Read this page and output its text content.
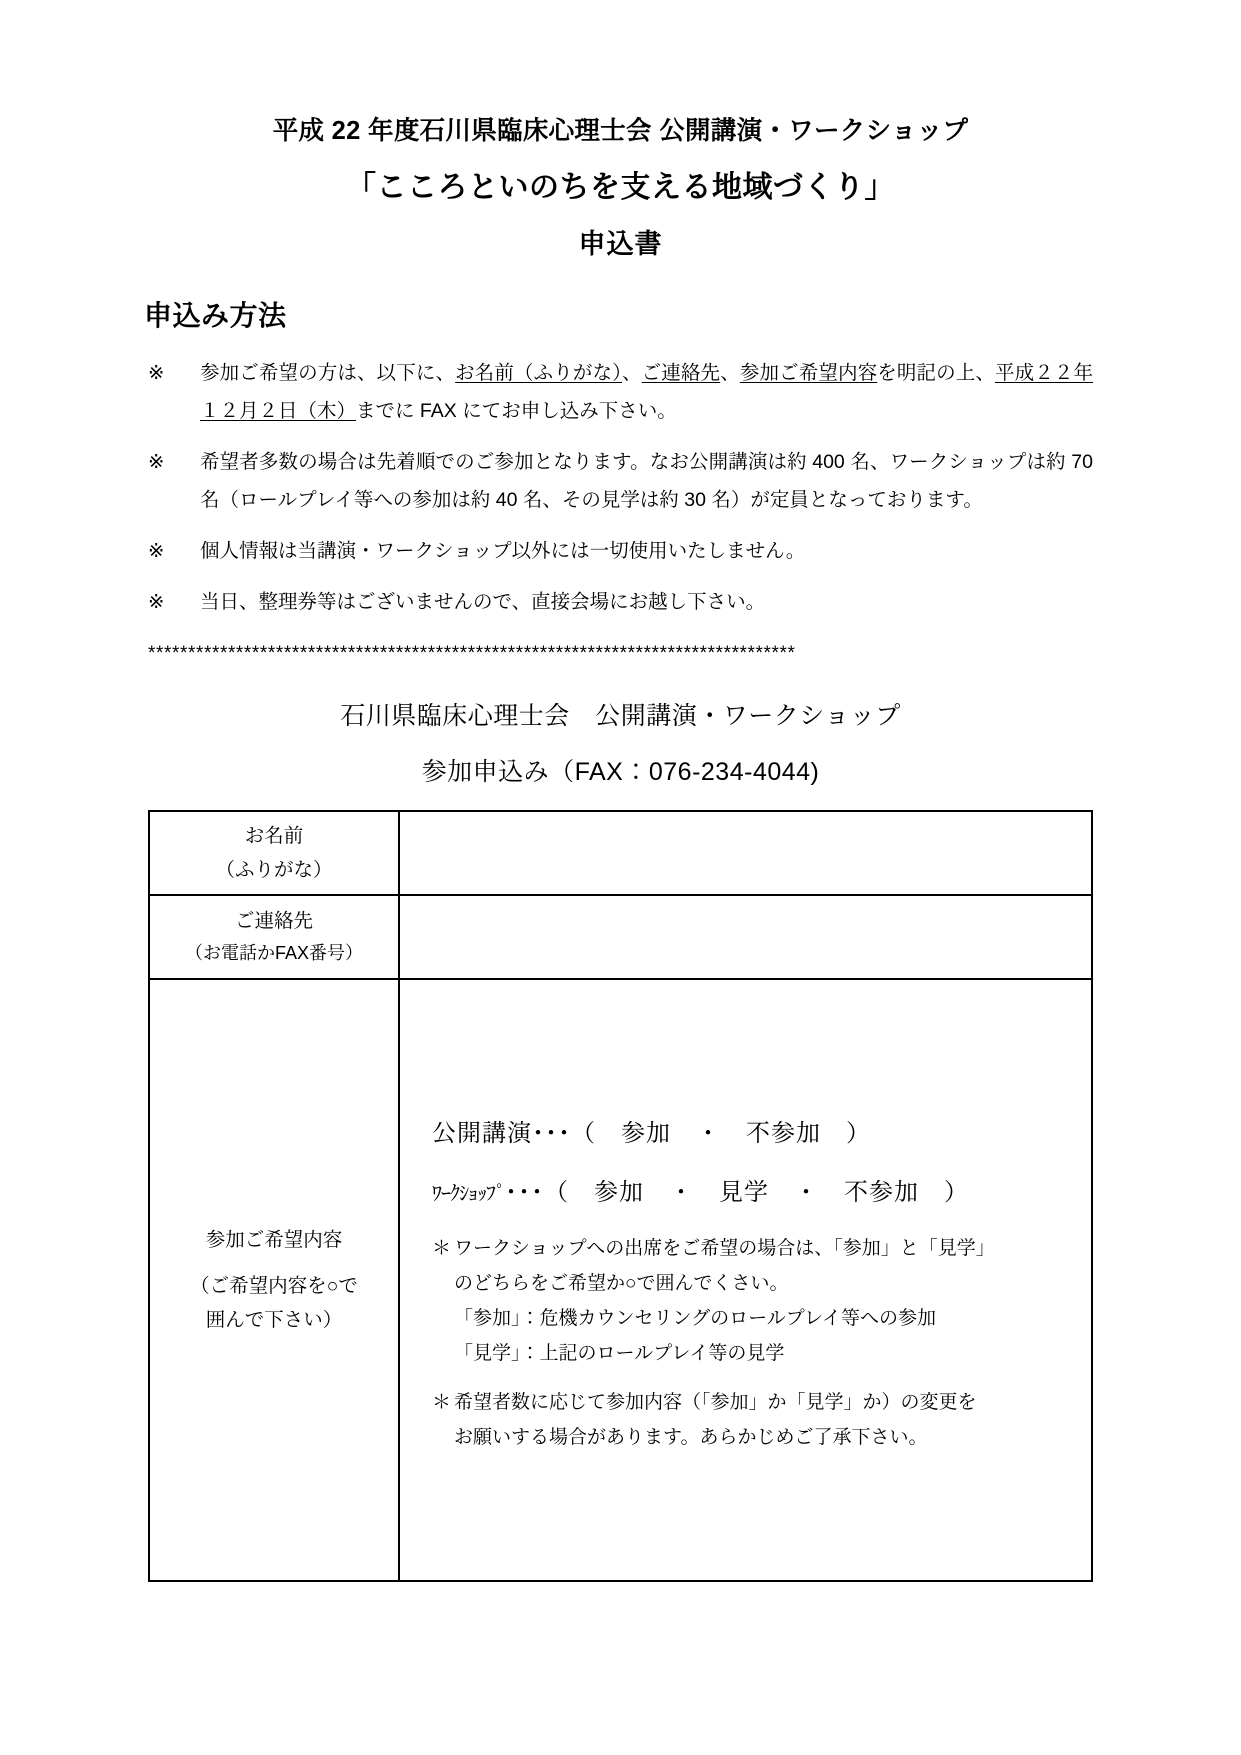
平成 22 年度石川県臨床心理士会 公開講演・ワークショップ
「こころといのちを支える地域づくり」
申込書
申込み方法
※	参加ご希望の方は、以下に、お名前（ふりがな）、ご連絡先、参加ご希望内容を明記の上、平成２２年１２月２日（木）までに FAX にてお申し込み下さい。
※	希望者多数の場合は先着順でのご参加となります。なお公開講演は約 400 名、ワークショップは約 70 名（ロールプレイ等への参加は約 40 名、その見学は約 30 名）が定員となっております。
※	個人情報は当講演・ワークショップ以外には一切使用いたしません。
※	当日、整理券等はございませんので、直接会場にお越し下さい。
*********************************************************************************
石川県臨床心理士会　公開講演・ワークショップ
参加申込み（FAX：076-234-4044)
お名前
（ふりがな）	

ご連絡先
（お電話かFAX番号）	

参加ご希望内容
（ご希望内容を○で
囲んで下さい）

公開講演･･･（　参加　・　不参加　）
ﾜｰｸｼｮｯﾌﾟ･･･（　参加　・　見学　・　不参加　）
＊ ワークショップへの出席をご希望の場合は、「参加」と「見学」
のどちらをご希望か○で囲んでくさい。
「参加」：危機カウンセリングのロールプレイ等への参加
「見学」：上記のロールプレイ等の見学
＊ 希望者数に応じて参加内容（「参加」か「見学」か）の変更を
お願いする場合があります。あらかじめご了承下さい。
